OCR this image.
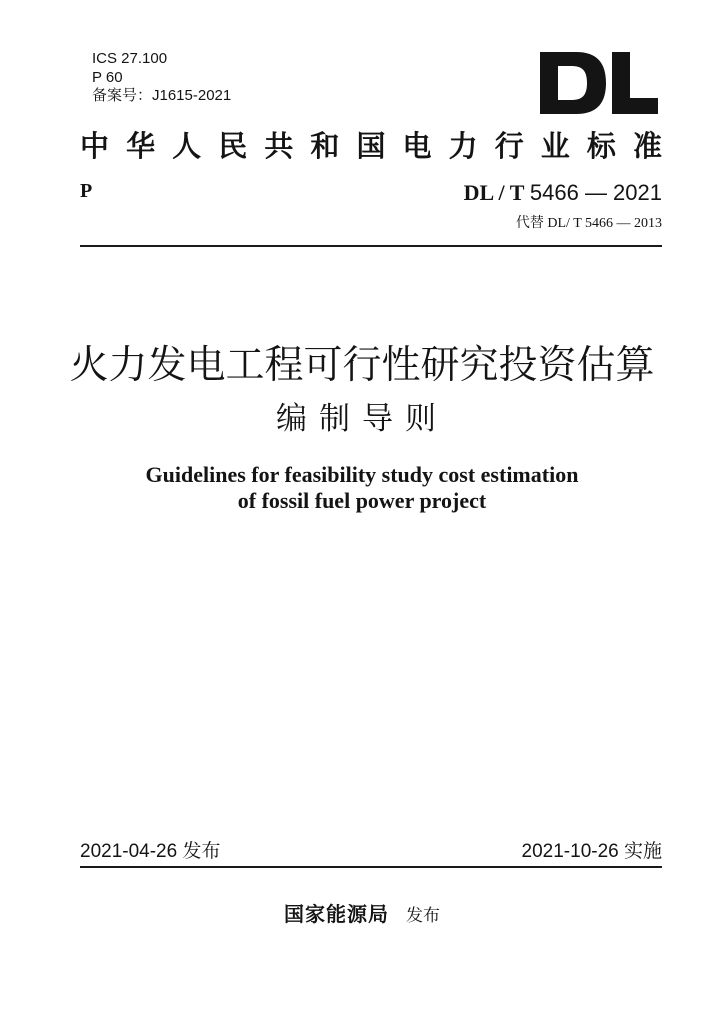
ICS 27.100
P 60
备案号：J1615-2021
中 华 人 民 共 和 国 电 力 行 业 标 准
P	DL / T 5466 — 2021
代替 DL/ T 5466 — 2013
火力发电工程可行性研究投资估算
编制导则
Guidelines for feasibility study cost estimation
of fossil fuel power project
2021-04-26 发布	2021-10-26 实施
国家能源局 发布
